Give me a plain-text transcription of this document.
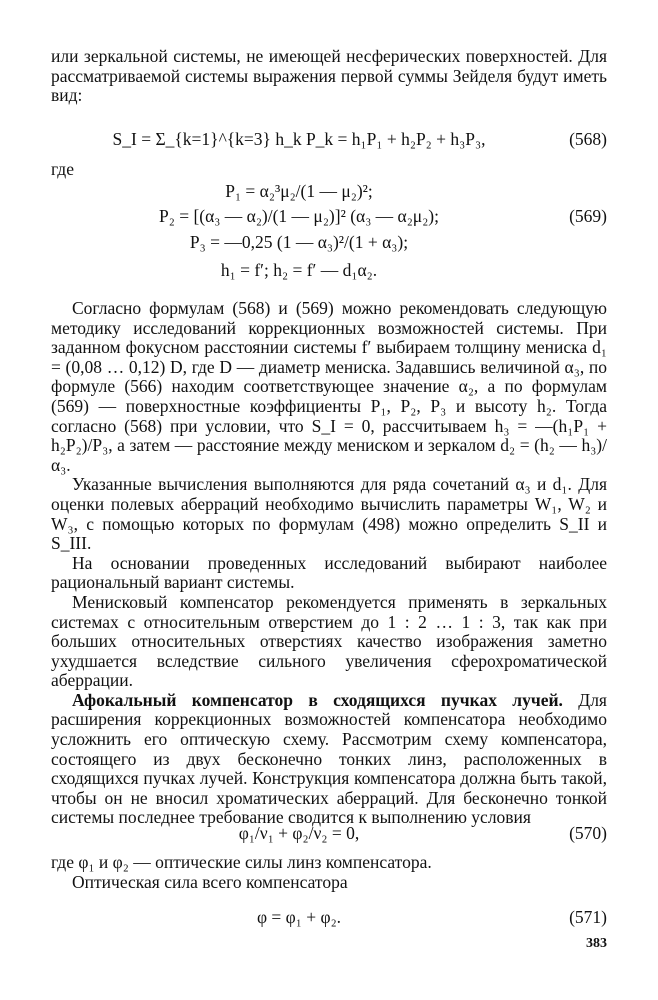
или зеркальной системы, не имеющей несферических поверхностей. Для рассматриваемой системы выражения первой суммы Зейделя будут иметь вид:

S_I = Σ_{k=1}^{k=3} h_k P_k = h₁P₁ + h₂P₂ + h₃P₃,	(568)
где
P₁ = α₂³μ₂/(1 — μ₂)²;
P₂ = [(α₃ — α₂)/(1 — μ₂)]² (α₃ — α₂μ₂);	(569)
P₃ = —0,25 (1 — α₃)²/(1 + α₃);
h₁ = f′; h₂ = f′ — d₁α₂.

Согласно формулам (568) и (569) можно рекомендовать следующую методику исследований коррекционных возможностей системы. При заданном фокусном расстоянии системы f′ выбираем толщину мениска d₁ = (0,08 … 0,12) D, где D — диаметр мениска. Задавшись величиной α₃, по формуле (566) находим соответствующее значение α₂, а по формулам (569) — поверхностные коэффициенты P₁, P₂, P₃ и высоту h₂. Тогда согласно (568) при условии, что S_I = 0, рассчитываем h₃ = —(h₁P₁ + h₂P₂)/P₃, а затем — расстояние между мениском и зеркалом d₂ = (h₂ — h₃)/α₃.

Указанные вычисления выполняются для ряда сочетаний α₃ и d₁. Для оценки полевых аберраций необходимо вычислить параметры W₁, W₂ и W₃, с помощью которых по формулам (498) можно определить S_II и S_III.

На основании проведенных исследований выбирают наиболее рациональный вариант системы.

Менисковый компенсатор рекомендуется применять в зеркальных системах с относительным отверстием до 1 : 2 … 1 : 3, так как при больших относительных отверстиях качество изображения заметно ухудшается вследствие сильного увеличения сферохроматической аберрации.

Афокальный компенсатор в сходящихся пучках лучей. Для расширения коррекционных возможностей компенсатора необходимо усложнить его оптическую схему. Рассмотрим схему компенсатора, состоящего из двух бесконечно тонких линз, расположенных в сходящихся пучках лучей. Конструкция компенсатора должна быть такой, чтобы он не вносил хроматических аберраций. Для бесконечно тонкой системы последнее требование сводится к выполнению условия

φ₁/ν₁ + φ₂/ν₂ = 0,	(570)

где φ₁ и φ₂ — оптические силы линз компенсатора.

Оптическая сила всего компенсатора

φ = φ₁ + φ₂.	(571)
383
